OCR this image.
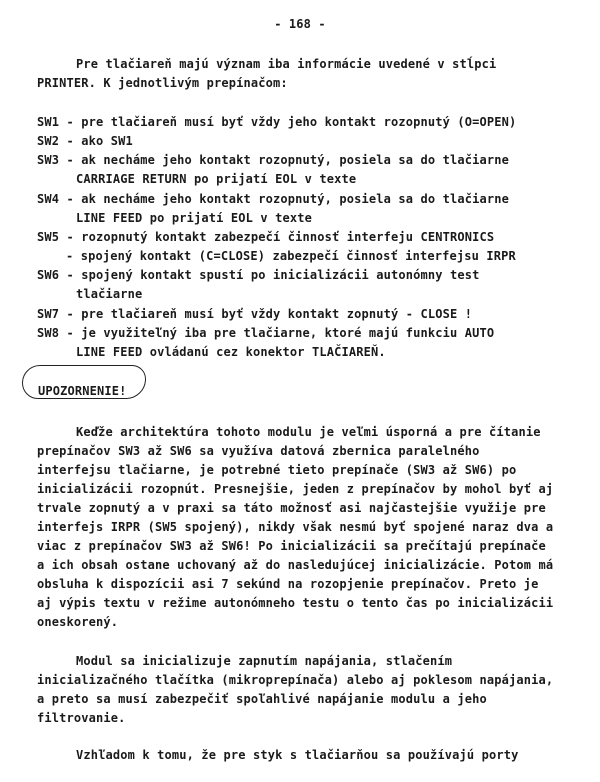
- 168 -
Pre tlačiareň majú význam iba informácie uvedené v stĺpci
PRINTER. K jednotlivým prepínačom:
SW1 - pre tlačiareň musí byť vždy jeho kontakt rozopnutý (O=OPEN)
SW2 - ako SW1
SW3 - ak necháme jeho kontakt rozopnutý, posiela sa do tlačiarne
CARRIAGE RETURN po prijatí EOL v texte
SW4 - ak necháme jeho kontakt rozopnutý, posiela sa do tlačiarne
LINE FEED po prijatí EOL v texte
SW5 - rozopnutý kontakt zabezpečí činnosť interfeju CENTRONICS
- spojený kontakt (C=CLOSE) zabezpečí činnosť interfejsu IRPR
SW6 - spojený kontakt spustí po inicializácii autonómny test
tlačiarne
SW7 - pre tlačiareň musí byť vždy kontakt zopnutý - CLOSE !
SW8 - je využiteľný iba pre tlačiarne, ktoré majú funkciu AUTO
LINE FEED ovládanú cez konektor TLAČIAREŇ.
UPOZORNENIE!
Keďže architektúra tohoto modulu je veľmi úsporná a pre čítanie
prepínačov SW3 až SW6 sa využíva datová zbernica paralelného
interfejsu tlačiarne, je potrebné tieto prepínače (SW3 až SW6) po
inicializácii rozopnút. Presnejšie, jeden z prepínačov by mohol byť aj
trvale zopnutý a v praxi sa táto možnosť asi najčastejšie využije pre
interfejs IRPR (SW5 spojený), nikdy však nesmú byť spojené naraz dva a
viac z prepínačov SW3 až SW6! Po inicializácii sa prečítajú prepínače
a ich obsah ostane uchovaný až do nasledujúcej inicializácie. Potom má
obsluha k dispozícii asi 7 sekúnd na rozopjenie prepínačov. Preto je
aj výpis textu v režime autonómneho testu o tento čas po inicializácii
oneskorený.
Modul sa inicializuje zapnutím napájania, stlačením
inicializačného tlačítka (mikroprepínača) alebo aj poklesom napájania,
a preto sa musí zabezpečiť spoľahlivé napájanie modulu a jeho
filtrovanie.
Vzhľadom k tomu, že pre styk s tlačiarňou sa používajú porty
